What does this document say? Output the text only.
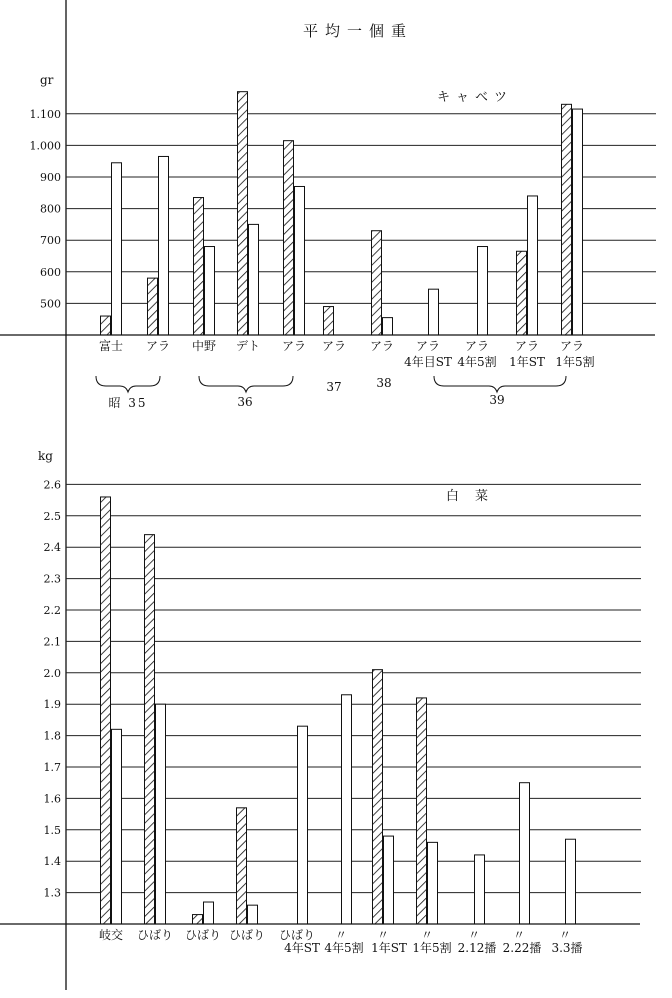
平均一個重
gr
キャベツ
500
600
700
800
900
1.000
1.100
富士 アラ 中野 デト アラ アラ アラ アラ アラ アラ アラ
4年目ST 4年5割 1年ST 1年5割
昭 35	36
37	38
39
kg
白 菜
1.3
1.4
1.5
1.6
1.7
1.8
1.9
2.0
2.1
2.2
2.3
2.4
2.5
2.6
岐交 ひばり ひばり ひばり ひばり 〃 〃	〃	〃	〃	〃
4年ST 4年5割 1年ST 1年5割 2.12播 2.22播 3.3播
